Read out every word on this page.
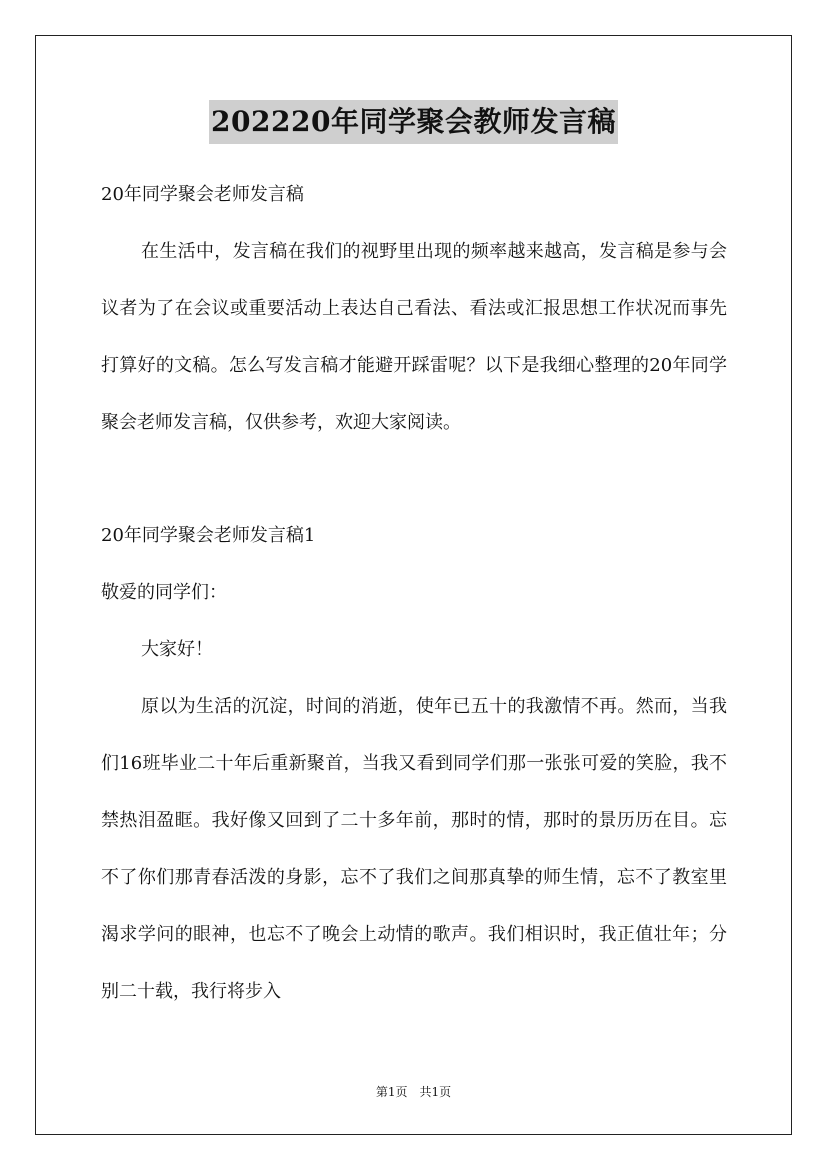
202220年同学聚会教师发言稿

20年同学聚会老师发言稿

在生活中，发言稿在我们的视野里出现的频率越来越高，发言稿是参与会议者为了在会议或重要活动上表达自己看法、看法或汇报思想工作状况而事先打算好的文稿。怎么写发言稿才能避开踩雷呢？以下是我细心整理的20年同学聚会老师发言稿，仅供参考，欢迎大家阅读。

20年同学聚会老师发言稿1

敬爱的同学们：

大家好！

原以为生活的沉淀，时间的消逝，使年已五十的我激情不再。然而，当我们16班毕业二十年后重新聚首，当我又看到同学们那一张张可爱的笑脸，我不禁热泪盈眶。我好像又回到了二十多年前，那时的情，那时的景历历在目。忘不了你们那青春活泼的身影，忘不了我们之间那真挚的师生情，忘不了教室里渴求学问的眼神，也忘不了晚会上动情的歌声。我们相识时，我正值壮年；分别二十载，我行将步入

第1页 共1页
